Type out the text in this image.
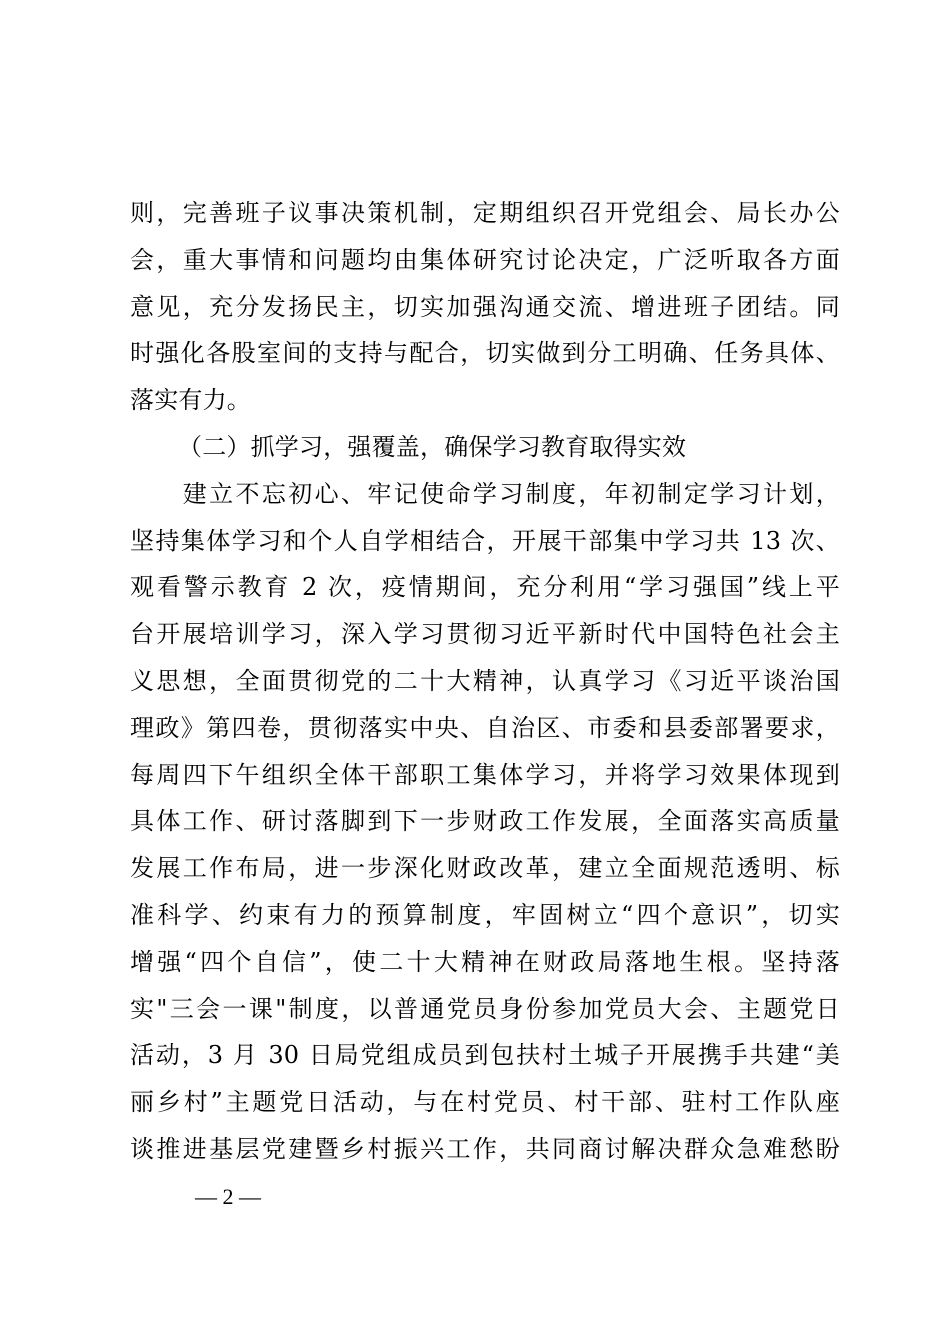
则，完善班子议事决策机制，定期组织召开党组会、局长办公
会，重大事情和问题均由集体研究讨论决定，广泛听取各方面
意见，充分发扬民主，切实加强沟通交流、增进班子团结。同
时强化各股室间的支持与配合，切实做到分工明确、任务具体、
落实有力。
（二）抓学习，强覆盖，确保学习教育取得实效
　　建立不忘初心、牢记使命学习制度，年初制定学习计划，
坚持集体学习和个人自学相结合，开展干部集中学习共 13 次、
观看警示教育 2 次，疫情期间，充分利用“学习强国”线上平
台开展培训学习，深入学习贯彻习近平新时代中国特色社会主
义思想，全面贯彻党的二十大精神，认真学习《习近平谈治国
理政》第四卷，贯彻落实中央、自治区、市委和县委部署要求，
每周四下午组织全体干部职工集体学习，并将学习效果体现到
具体工作、研讨落脚到下一步财政工作发展，全面落实高质量
发展工作布局，进一步深化财政改革，建立全面规范透明、标
准科学、约束有力的预算制度，牢固树立“四个意识”，切实
增强“四个自信”，使二十大精神在财政局落地生根。坚持落
实"三会一课"制度，以普通党员身份参加党员大会、主题党日
活动，3 月 30 日局党组成员到包扶村土城子开展携手共建“美
丽乡村”主题党日活动，与在村党员、村干部、驻村工作队座
谈推进基层党建暨乡村振兴工作，共同商讨解决群众急难愁盼
— 2 —
